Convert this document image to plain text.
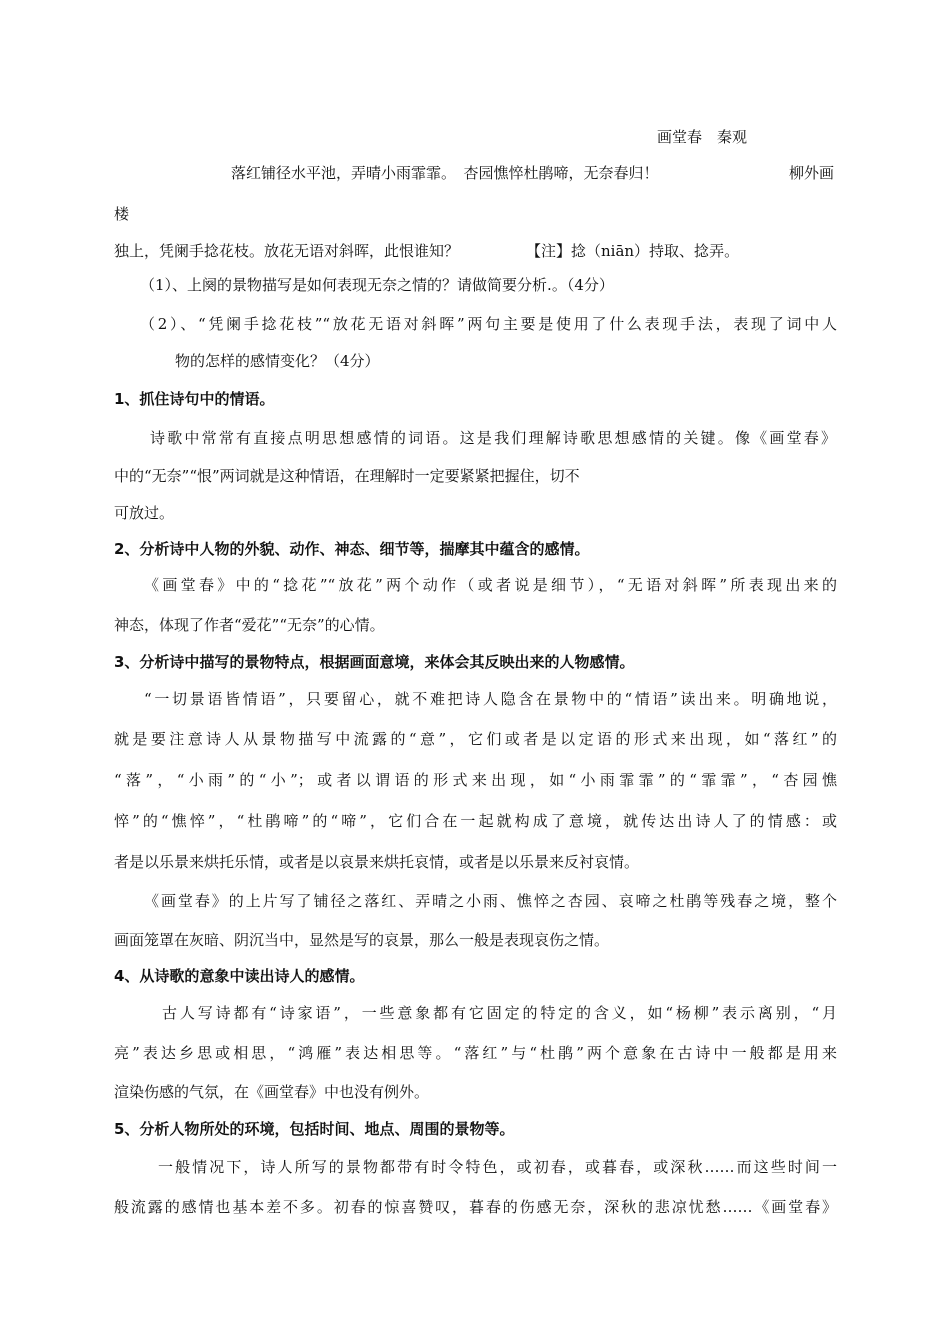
画堂春　秦观
落红铺径水平池，弄晴小雨霏霏。　杏园憔悴杜鹃啼，无奈春归！	柳外画
楼
独上，凭阑手捻花枝。放花无语对斜晖，此恨谁知？	【注】捻（niān）持取、捻弄。
（1）、上阕的景物描写是如何表现无奈之情的？请做简要分析.。（4分）
（2）、“凭阑手捻花枝”“放花无语对斜晖”两句主要是使用了什么表现手法，表现了词中人
物的怎样的感情变化？（4分）
1、抓住诗句中的情语。
诗歌中常常有直接点明思想感情的词语。这是我们理解诗歌思想感情的关键。像《画堂春》
中的“无奈”“恨”两词就是这种情语，在理解时一定要紧紧把握住，切不
可放过。
2、分析诗中人物的外貌、动作、神态、细节等，揣摩其中蕴含的感情。
《画堂春》中的“捻花”“放花”两个动作（或者说是细节），“无语对斜晖”所表现出来的
神态，体现了作者“爱花”“无奈”的心情。
3、分析诗中描写的景物特点，根据画面意境，来体会其反映出来的人物感情。
“一切景语皆情语”，只要留心，就不难把诗人隐含在景物中的“情语”读出来。明确地说，
就是要注意诗人从景物描写中流露的“意”，它们或者是以定语的形式来出现，如“落红”的
“落”，“小雨”的“小”；或者以谓语的形式来出现，如“小雨霏霏”的“霏霏”，“杏园憔
悴”的“憔悴”，“杜鹃啼”的“啼”，它们合在一起就构成了意境，就传达出诗人了的情感：或
者是以乐景来烘托乐情，或者是以哀景来烘托哀情，或者是以乐景来反衬哀情。
《画堂春》的上片写了铺径之落红、弄晴之小雨、憔悴之杏园、哀啼之杜鹃等残春之境，整个
画面笼罩在灰暗、阴沉当中，显然是写的哀景，那么一般是表现哀伤之情。
4、从诗歌的意象中读出诗人的感情。
古人写诗都有“诗家语”，一些意象都有它固定的特定的含义，如“杨柳”表示离别，“月
亮”表达乡思或相思，“鸿雁”表达相思等。“落红”与“杜鹃”两个意象在古诗中一般都是用来
渲染伤感的气氛，在《画堂春》中也没有例外。
5、分析人物所处的环境，包括时间、地点、周围的景物等。
一般情况下，诗人所写的景物都带有时令特色，或初春，或暮春，或深秋……而这些时间一
般流露的感情也基本差不多。初春的惊喜赞叹，暮春的伤感无奈，深秋的悲凉忧愁……《画堂春》
